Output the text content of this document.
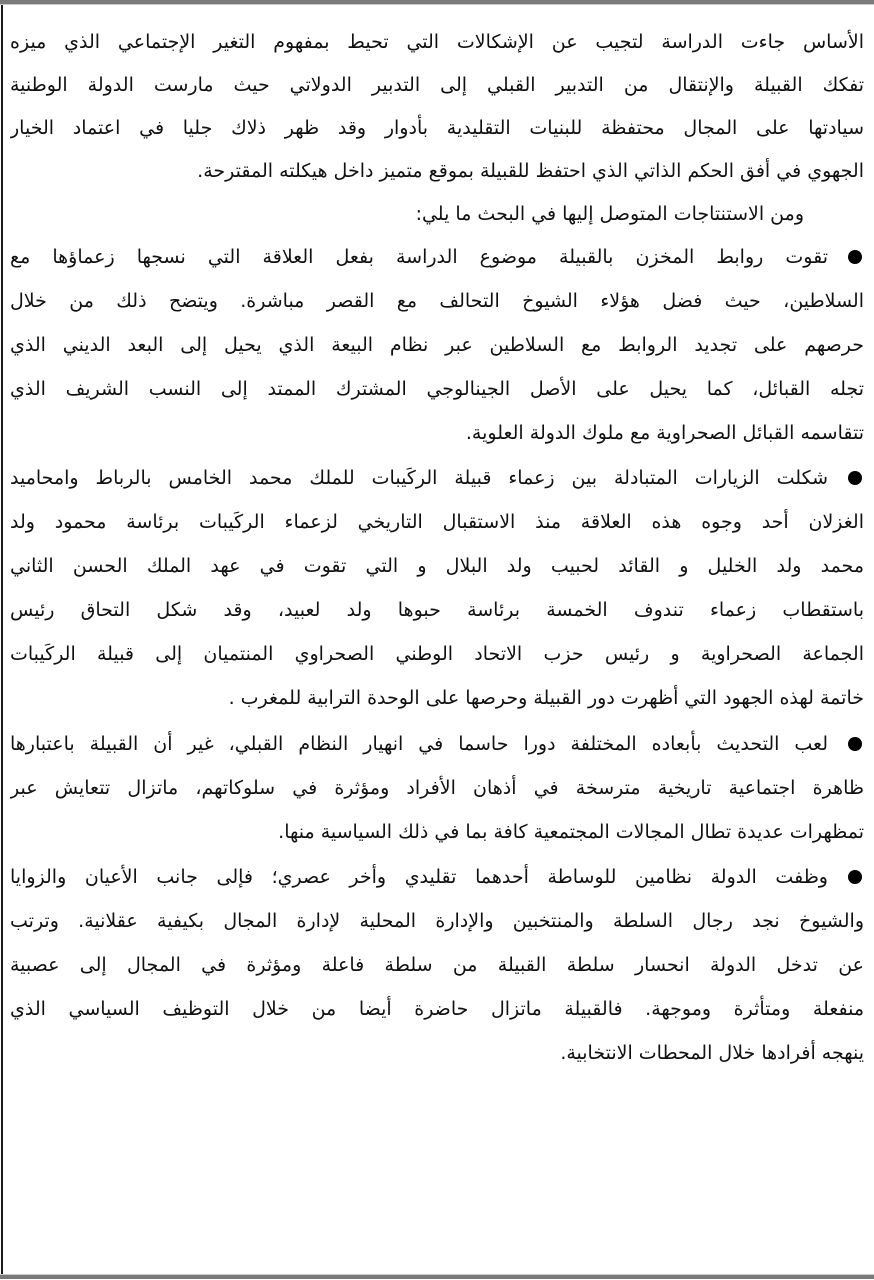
الأساس جاءت الدراسة لتجيب عن الإشكالات التي تحيط بمفهوم التغير الإجتماعي الذي ميزه
تفكك القبيلة والإنتقال من التدبير القبلي إلى التدبير الدولاتي حيث مارست الدولة الوطنية
سيادتها على المجال محتفظة للبنيات التقليدية بأدوار وقد ظهر ذلاك جليا في اعتماد الخيار
الجهوي في أفق الحكم الذاتي الذي احتفظ للقبيلة بموقع متميز داخل هيكلته المقترحة.
ومن الاستنتاجات المتوصل إليها في البحث ما يلي:
تقوت روابط المخزن بالقبيلة موضوع الدراسة بفعل العلاقة التي نسجها زعماؤها مع
السلاطين، حيث فضل هؤلاء الشيوخ التحالف مع القصر مباشرة. ويتضح ذلك من خلال
حرصهم على تجديد الروابط مع السلاطين عبر نظام البيعة الذي يحيل إلى البعد الديني الذي
تجله القبائل، كما يحيل على الأصل الجينالوجي المشترك الممتد إلى النسب الشريف الذي
تتقاسمه القبائل الصحراوية مع ملوك الدولة العلوية.
شكلت الزيارات المتبادلة بين زعماء قبيلة الركَيبات للملك محمد الخامس بالرباط وامحاميد
الغزلان أحد وجوه هذه العلاقة منذ الاستقبال التاريخي لزعماء الركَيبات برئاسة محمود ولد
محمد ولد الخليل و القائد لحبيب ولد البلال و التي تقوت في عهد الملك الحسن الثاني
باستقطاب زعماء تندوف الخمسة برئاسة حبوها ولد لعبيد، وقد شكل التحاق رئيس
الجماعة الصحراوية و رئيس حزب الاتحاد الوطني الصحراوي المنتميان إلى قبيلة الركَيبات
خاتمة لهذه الجهود التي أظهرت دور القبيلة وحرصها على الوحدة الترابية للمغرب .
لعب التحديث بأبعاده المختلفة دورا حاسما في انهيار النظام القبلي، غير أن القبيلة باعتبارها
ظاهرة اجتماعية تاريخية مترسخة في أذهان الأفراد ومؤثرة في سلوكاتهم، ماتزال تتعايش عبر
تمظهرات عديدة تطال المجالات المجتمعية كافة بما في ذلك السياسية منها.
وظفت الدولة نظامين للوساطة أحدهما تقليدي وأخر عصري؛ فإلى جانب الأعيان والزوايا
والشيوخ نجد رجال السلطة والمنتخبين والإدارة المحلية لإدارة المجال بكيفية عقلانية. وترتب
عن تدخل الدولة انحسار سلطة القبيلة من سلطة فاعلة ومؤثرة في المجال إلى عصبية
منفعلة ومتأثرة وموجهة. فالقبيلة ماتزال حاضرة أيضا من خلال التوظيف السياسي الذي
ينهجه أفرادها خلال المحطات الانتخابية.
